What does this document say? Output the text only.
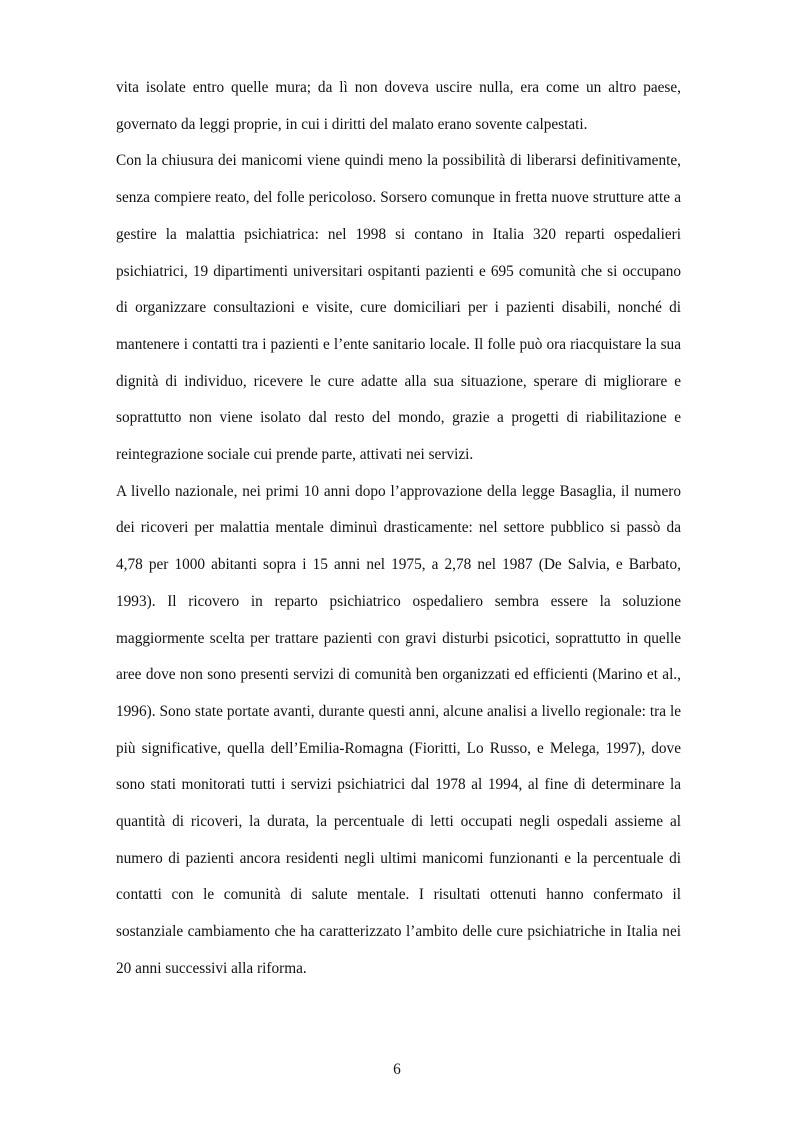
vita isolate entro quelle mura; da lì non doveva uscire nulla, era come un altro paese, governato da leggi proprie, in cui i diritti del malato erano sovente calpestati.

Con la chiusura dei manicomi viene quindi meno la possibilità di liberarsi definitivamente, senza compiere reato, del folle pericoloso. Sorsero comunque in fretta nuove strutture atte a gestire la malattia psichiatrica: nel 1998 si contano in Italia 320 reparti ospedalieri psichiatrici, 19 dipartimenti universitari ospitanti pazienti e 695 comunità che si occupano di organizzare consultazioni e visite, cure domiciliari per i pazienti disabili, nonché di mantenere i contatti tra i pazienti e l’ente sanitario locale. Il folle può ora riacquistare la sua dignità di individuo, ricevere le cure adatte alla sua situazione, sperare di migliorare e soprattutto non viene isolato dal resto del mondo, grazie a progetti di riabilitazione e reintegrazione sociale cui prende parte, attivati nei servizi.

A livello nazionale, nei primi 10 anni dopo l’approvazione della legge Basaglia, il numero dei ricoveri per malattia mentale diminuì drasticamente: nel settore pubblico si passò da 4,78 per 1000 abitanti sopra i 15 anni nel 1975, a 2,78 nel 1987 (De Salvia, e Barbato, 1993). Il ricovero in reparto psichiatrico ospedaliero sembra essere la soluzione maggiormente scelta per trattare pazienti con gravi disturbi psicotici, soprattutto in quelle aree dove non sono presenti servizi di comunità ben organizzati ed efficienti (Marino et al., 1996). Sono state portate avanti, durante questi anni, alcune analisi a livello regionale: tra le più significative, quella dell’Emilia-Romagna (Fioritti, Lo Russo, e Melega, 1997), dove sono stati monitorati tutti i servizi psichiatrici dal 1978 al 1994, al fine di determinare la quantità di ricoveri, la durata, la percentuale di letti occupati negli ospedali assieme al numero di pazienti ancora residenti negli ultimi manicomi funzionanti e la percentuale di contatti con le comunità di salute mentale. I risultati ottenuti hanno confermato il sostanziale cambiamento che ha caratterizzato l’ambito delle cure psichiatriche in Italia nei 20 anni successivi alla riforma.

6
